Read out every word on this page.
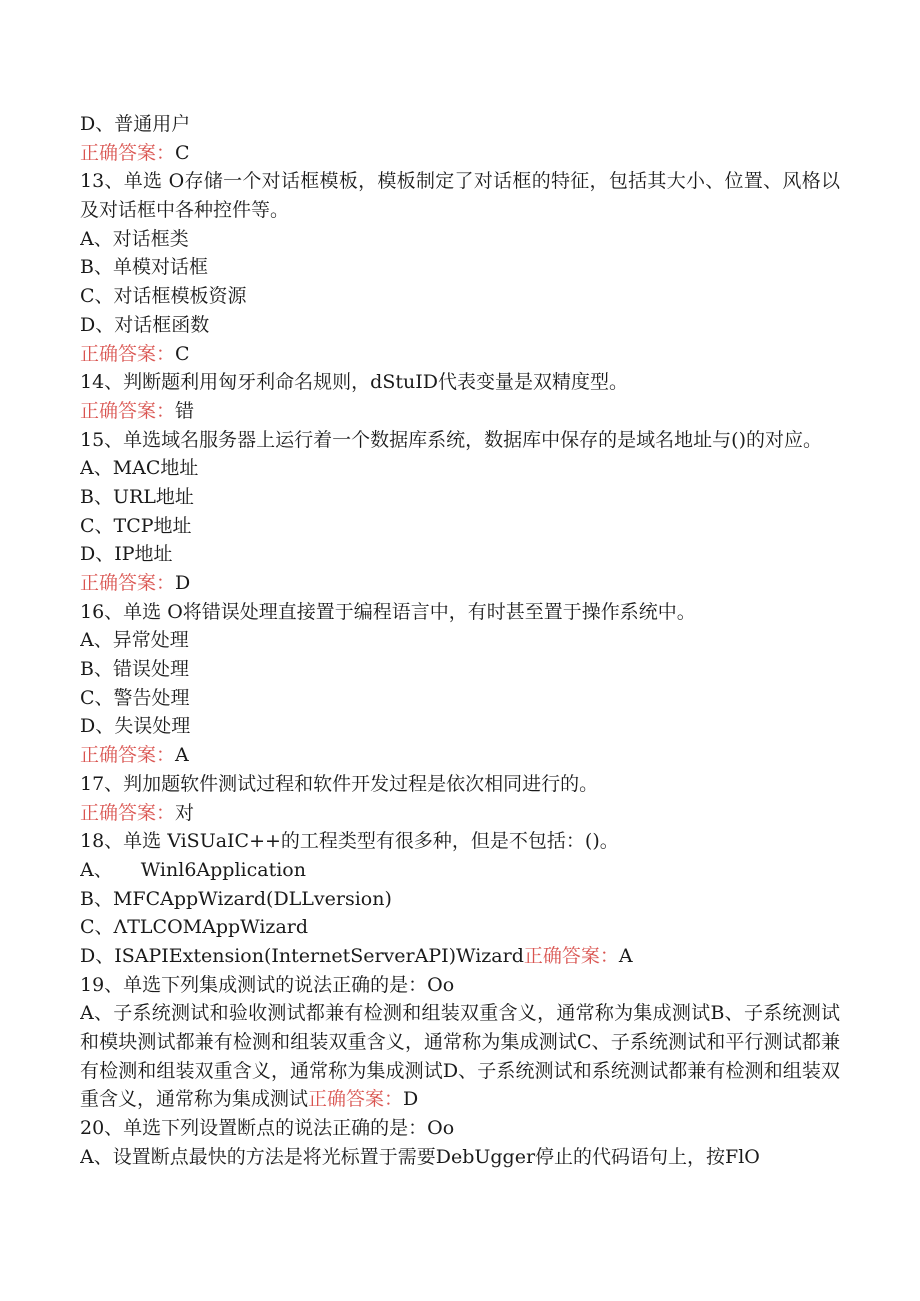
D、普通用户
正确答案：C
13、单选 O存储一个对话框模板，模板制定了对话框的特征，包括其大小、位置、风格以及对话框中各种控件等。
A、对话框类
B、单模对话框
C、对话框模板资源
D、对话框函数
正确答案：C
14、判断题利用匈牙利命名规则，dStuID代表变量是双精度型。
正确答案：错
15、单选域名服务器上运行着一个数据库系统，数据库中保存的是域名地址与()的对应。
A、MAC地址
B、URL地址
C、TCP地址
D、IP地址
正确答案：D
16、单选 O将错误处理直接置于编程语言中，有时甚至置于操作系统中。
A、异常处理
B、错误处理
C、警告处理
D、失误处理
正确答案：A
17、判加题软件测试过程和软件开发过程是依次相同进行的。
正确答案：对
18、单选 ViSUaIC++的工程类型有很多种，但是不包括：()。
A、 Winl6Application
B、MFCAppWizard(DLLversion)
C、ΛTLCOMAppWizard
D、ISAPIExtension(InternetServerAPI)Wizard正确答案：A
19、单选下列集成测试的说法正确的是：Oo
A、子系统测试和验收测试都兼有检测和组装双重含义，通常称为集成测试B、子系统测试和模块测试都兼有检测和组装双重含义，通常称为集成测试C、子系统测试和平行测试都兼有检测和组装双重含义，通常称为集成测试D、子系统测试和系统测试都兼有检测和组装双重含义，通常称为集成测试正确答案：D
20、单选下列设置断点的说法正确的是：Oo
A、设置断点最快的方法是将光标置于需要DebUgger停止的代码语句上，按FlO
